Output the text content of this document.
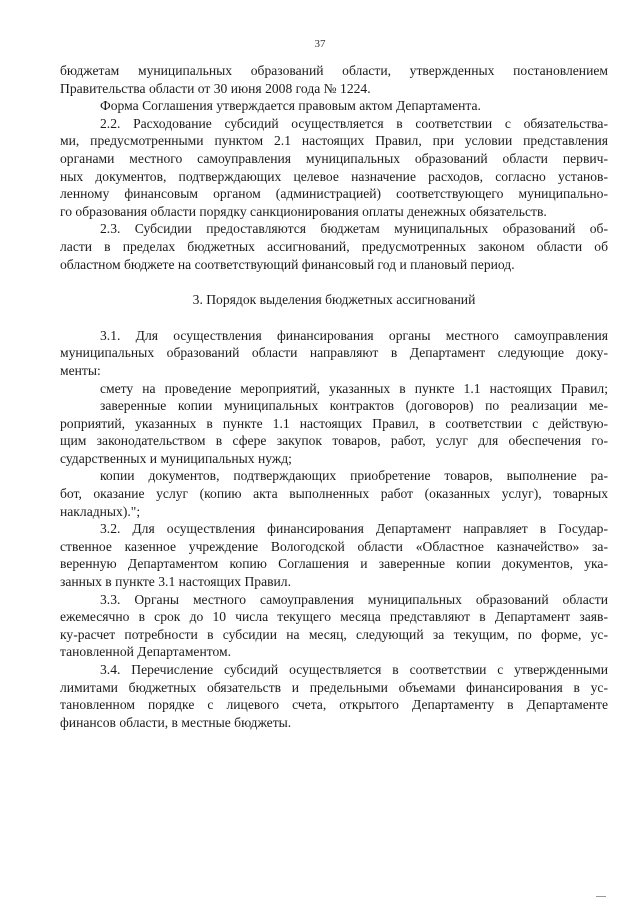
37
бюджетам муниципальных образований области, утвержденных постановлением
Правительства области от 30 июня 2008 года № 1224.
Форма Соглашения утверждается правовым актом Департамента.
2.2. Расходование субсидий осуществляется в соответствии с обязательства-
ми, предусмотренными пунктом 2.1 настоящих Правил, при условии представления
органами местного самоуправления муниципальных образований области первич-
ных документов, подтверждающих целевое назначение расходов, согласно установ-
ленному финансовым органом (администрацией) соответствующего муниципально-
го образования области порядку санкционирования оплаты денежных обязательств.
2.3. Субсидии предоставляются бюджетам муниципальных образований об-
ласти в пределах бюджетных ассигнований, предусмотренных законом области об
областном бюджете на соответствующий финансовый год и плановый период.
3. Порядок выделения бюджетных ассигнований
3.1. Для осуществления финансирования органы местного самоуправления
муниципальных образований области направляют в Департамент следующие доку-
менты:
смету на проведение мероприятий, указанных в пункте 1.1 настоящих Правил;
заверенные копии муниципальных контрактов (договоров) по реализации ме-
роприятий, указанных в пункте 1.1 настоящих Правил, в соответствии с действую-
щим законодательством в сфере закупок товаров, работ, услуг для обеспечения го-
сударственных и муниципальных нужд;
копии документов, подтверждающих приобретение товаров, выполнение ра-
бот, оказание услуг (копию акта выполненных работ (оказанных услуг), товарных
накладных).";
3.2. Для осуществления финансирования Департамент направляет в Государ-
ственное казенное учреждение Вологодской области «Областное казначейство» за-
веренную Департаментом копию Соглашения и заверенные копии документов, ука-
занных в пункте 3.1 настоящих Правил.
3.3. Органы местного самоуправления муниципальных образований области
ежемесячно в срок до 10 числа текущего месяца представляют в Департамент заяв-
ку-расчет потребности в субсидии на месяц, следующий за текущим, по форме, ус-
тановленной Департаментом.
3.4. Перечисление субсидий осуществляется в соответствии с утвержденными
лимитами бюджетных обязательств и предельными объемами финансирования в ус-
тановленном порядке с лицевого счета, открытого Департаменту в Департаменте
финансов области, в местные бюджеты.
